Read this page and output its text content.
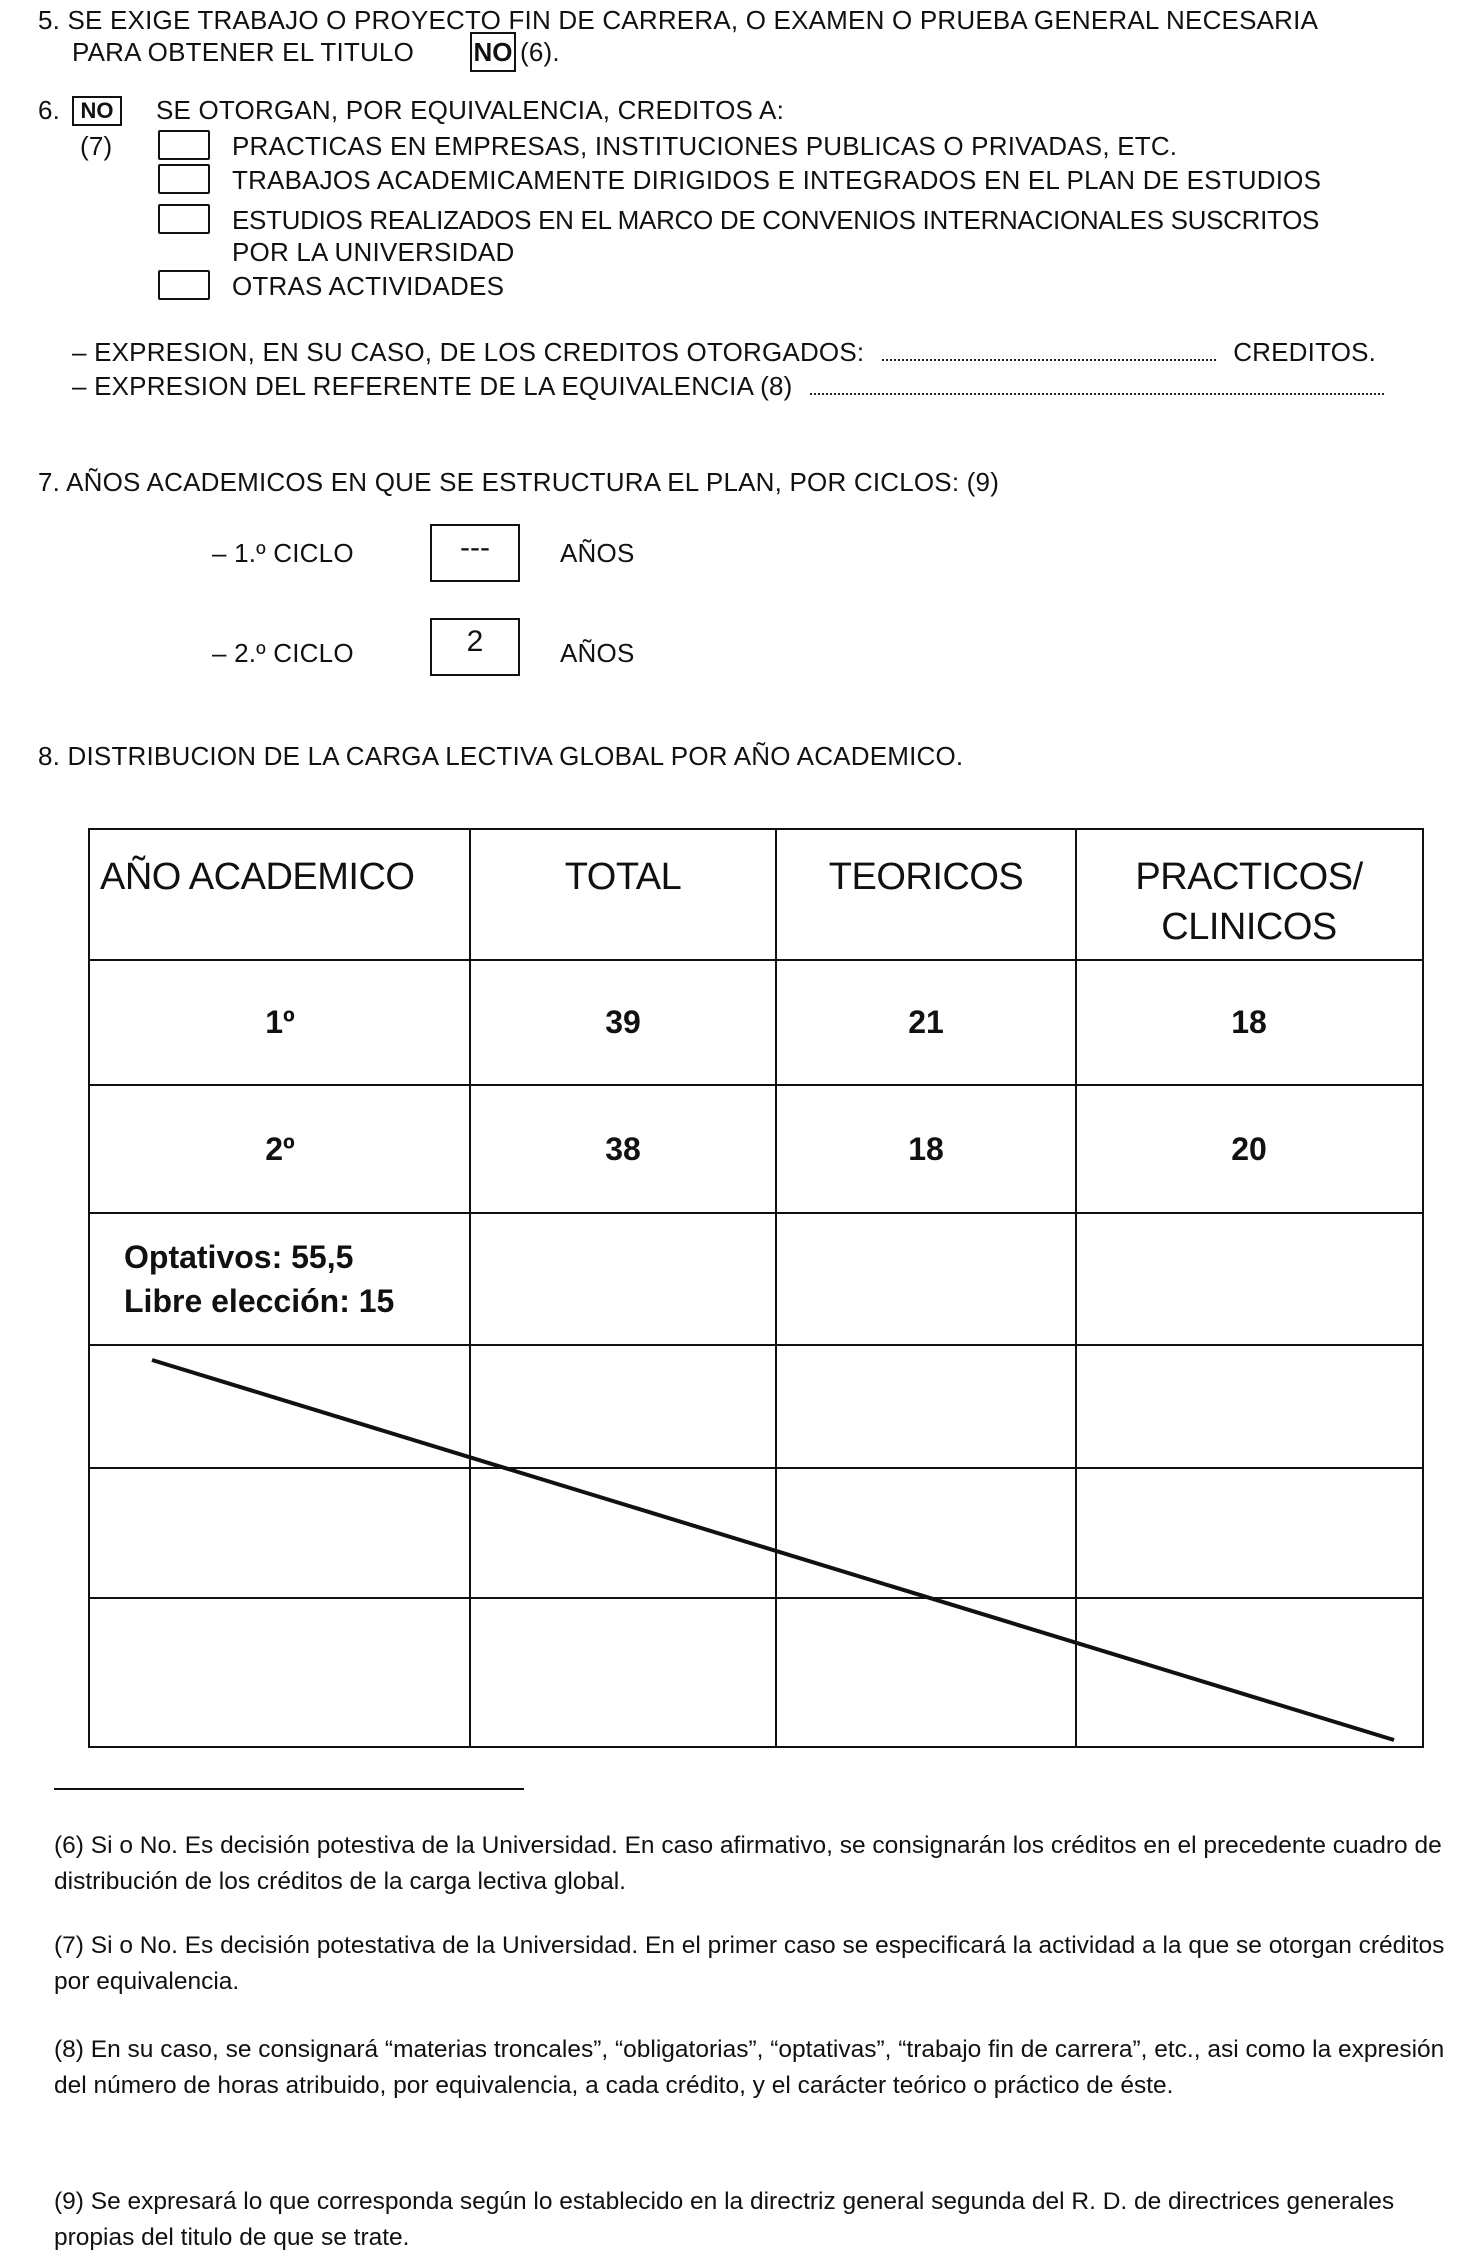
5. SE EXIGE TRABAJO O PROYECTO FIN DE CARRERA, O EXAMEN O PRUEBA GENERAL NECESARIA
PARA OBTENER EL TITULO NO (6).
6. NO	SE OTORGAN, POR EQUIVALENCIA, CREDITOS A:
(7)	PRACTICAS EN EMPRESAS, INSTITUCIONES PUBLICAS O PRIVADAS, ETC.
TRABAJOS ACADEMICAMENTE DIRIGIDOS E INTEGRADOS EN EL PLAN DE ESTUDIOS
ESTUDIOS REALIZADOS EN EL MARCO DE CONVENIOS INTERNACIONALES SUSCRITOS
POR LA UNIVERSIDAD
OTRAS ACTIVIDADES
– EXPRESION, EN SU CASO, DE LOS CREDITOS OTORGADOS:	CREDITOS.
– EXPRESION DEL REFERENTE DE LA EQUIVALENCIA (8)
7. AÑOS ACADEMICOS EN QUE SE ESTRUCTURA EL PLAN, POR CICLOS: (9)
– 1.º CICLO	---	AÑOS
– 2.º CICLO	2	AÑOS
8. DISTRIBUCION DE LA CARGA LECTIVA GLOBAL POR AÑO ACADEMICO.
AÑO ACADEMICO	TOTAL	TEORICOS	PRACTICOS/ CLINICOS
1º	39	21	18
2º	38	18	20
Optativos: 55,5
Libre elección: 15
(6) Si o No. Es decisión potestiva de la Universidad. En caso afirmativo, se consignarán los créditos en el precedente cuadro de distribución de los créditos de la carga lectiva global.
(7) Si o No. Es decisión potestativa de la Universidad. En el primer caso se especificará la actividad a la que se otorgan créditos por equivalencia.
(8) En su caso, se consignará “materias troncales”, “obligatorias”, “optativas”, “trabajo fin de carrera”, etc., asi como la expresión del número de horas atribuido, por equivalencia, a cada crédito, y el carácter teórico o práctico de éste.
(9) Se expresará lo que corresponda según lo establecido en la directriz general segunda del R. D. de directrices generales propias del titulo de que se trate.
